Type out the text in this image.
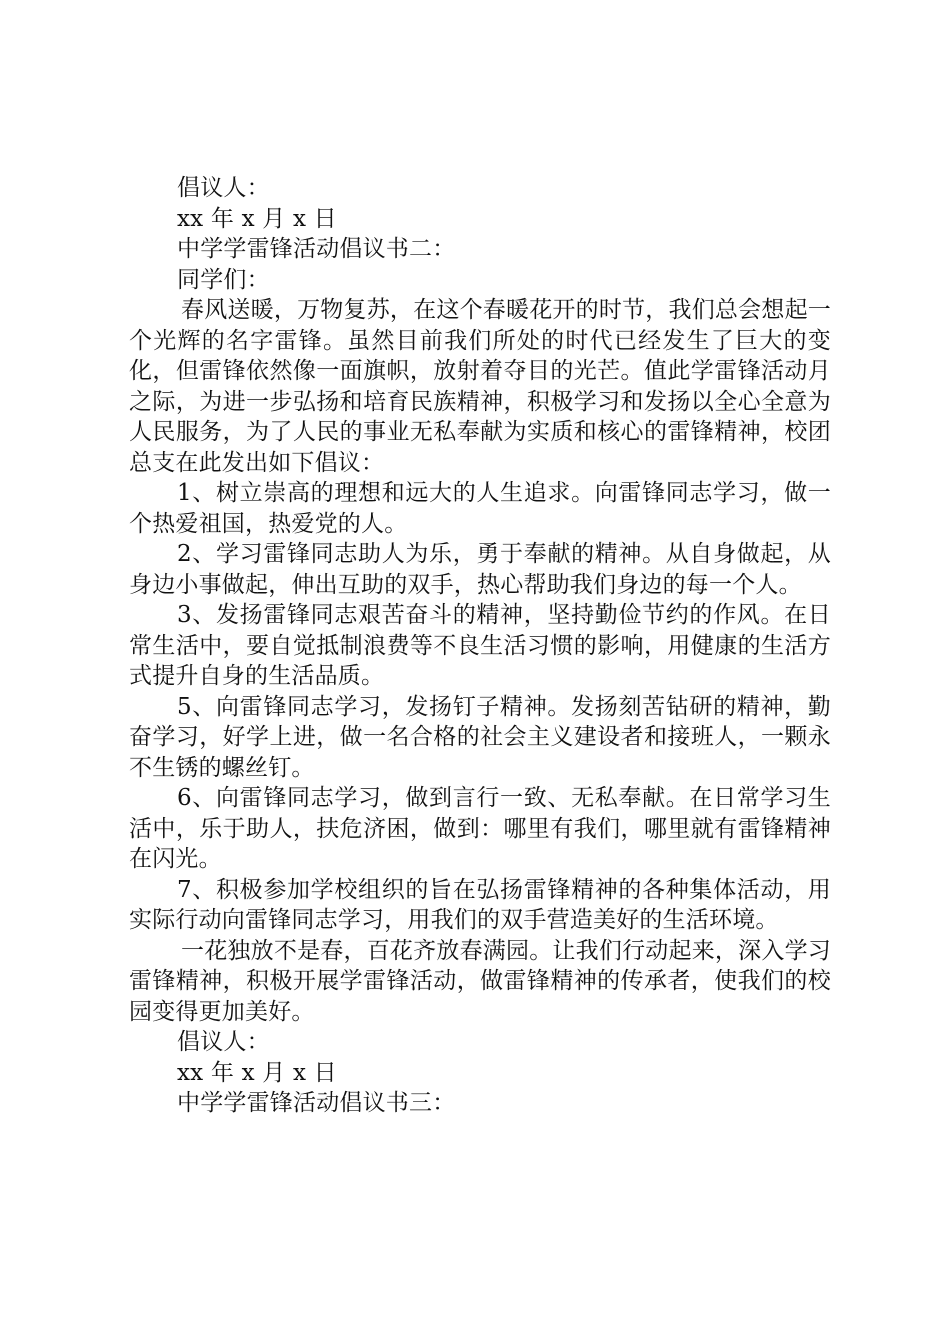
倡议人：

xx 年 x 月 x 日

中学学雷锋活动倡议书二：

同学们：

春风送暖，万物复苏，在这个春暖花开的时节，我们总会想起一个光辉的名字雷锋。虽然目前我们所处的时代已经发生了巨大的变化，但雷锋依然像一面旗帜，放射着夺目的光芒。值此学雷锋活动月之际，为进一步弘扬和培育民族精神，积极学习和发扬以全心全意为人民服务，为了人民的事业无私奉献为实质和核心的雷锋精神，校团总支在此发出如下倡议：

1、树立崇高的理想和远大的人生追求。向雷锋同志学习，做一个热爱祖国，热爱党的人。

2、学习雷锋同志助人为乐，勇于奉献的精神。从自身做起，从身边小事做起，伸出互助的双手，热心帮助我们身边的每一个人。

3、发扬雷锋同志艰苦奋斗的精神，坚持勤俭节约的作风。在日常生活中，要自觉抵制浪费等不良生活习惯的影响，用健康的生活方式提升自身的生活品质。

5、向雷锋同志学习，发扬钉子精神。发扬刻苦钻研的精神，勤奋学习，好学上进，做一名合格的社会主义建设者和接班人，一颗永不生锈的螺丝钉。

6、向雷锋同志学习，做到言行一致、无私奉献。在日常学习生活中，乐于助人，扶危济困，做到：哪里有我们，哪里就有雷锋精神在闪光。

7、积极参加学校组织的旨在弘扬雷锋精神的各种集体活动，用实际行动向雷锋同志学习，用我们的双手营造美好的生活环境。

一花独放不是春，百花齐放春满园。让我们行动起来，深入学习雷锋精神，积极开展学雷锋活动，做雷锋精神的传承者，使我们的校园变得更加美好。

倡议人：

xx 年 x 月 x 日

中学学雷锋活动倡议书三：
